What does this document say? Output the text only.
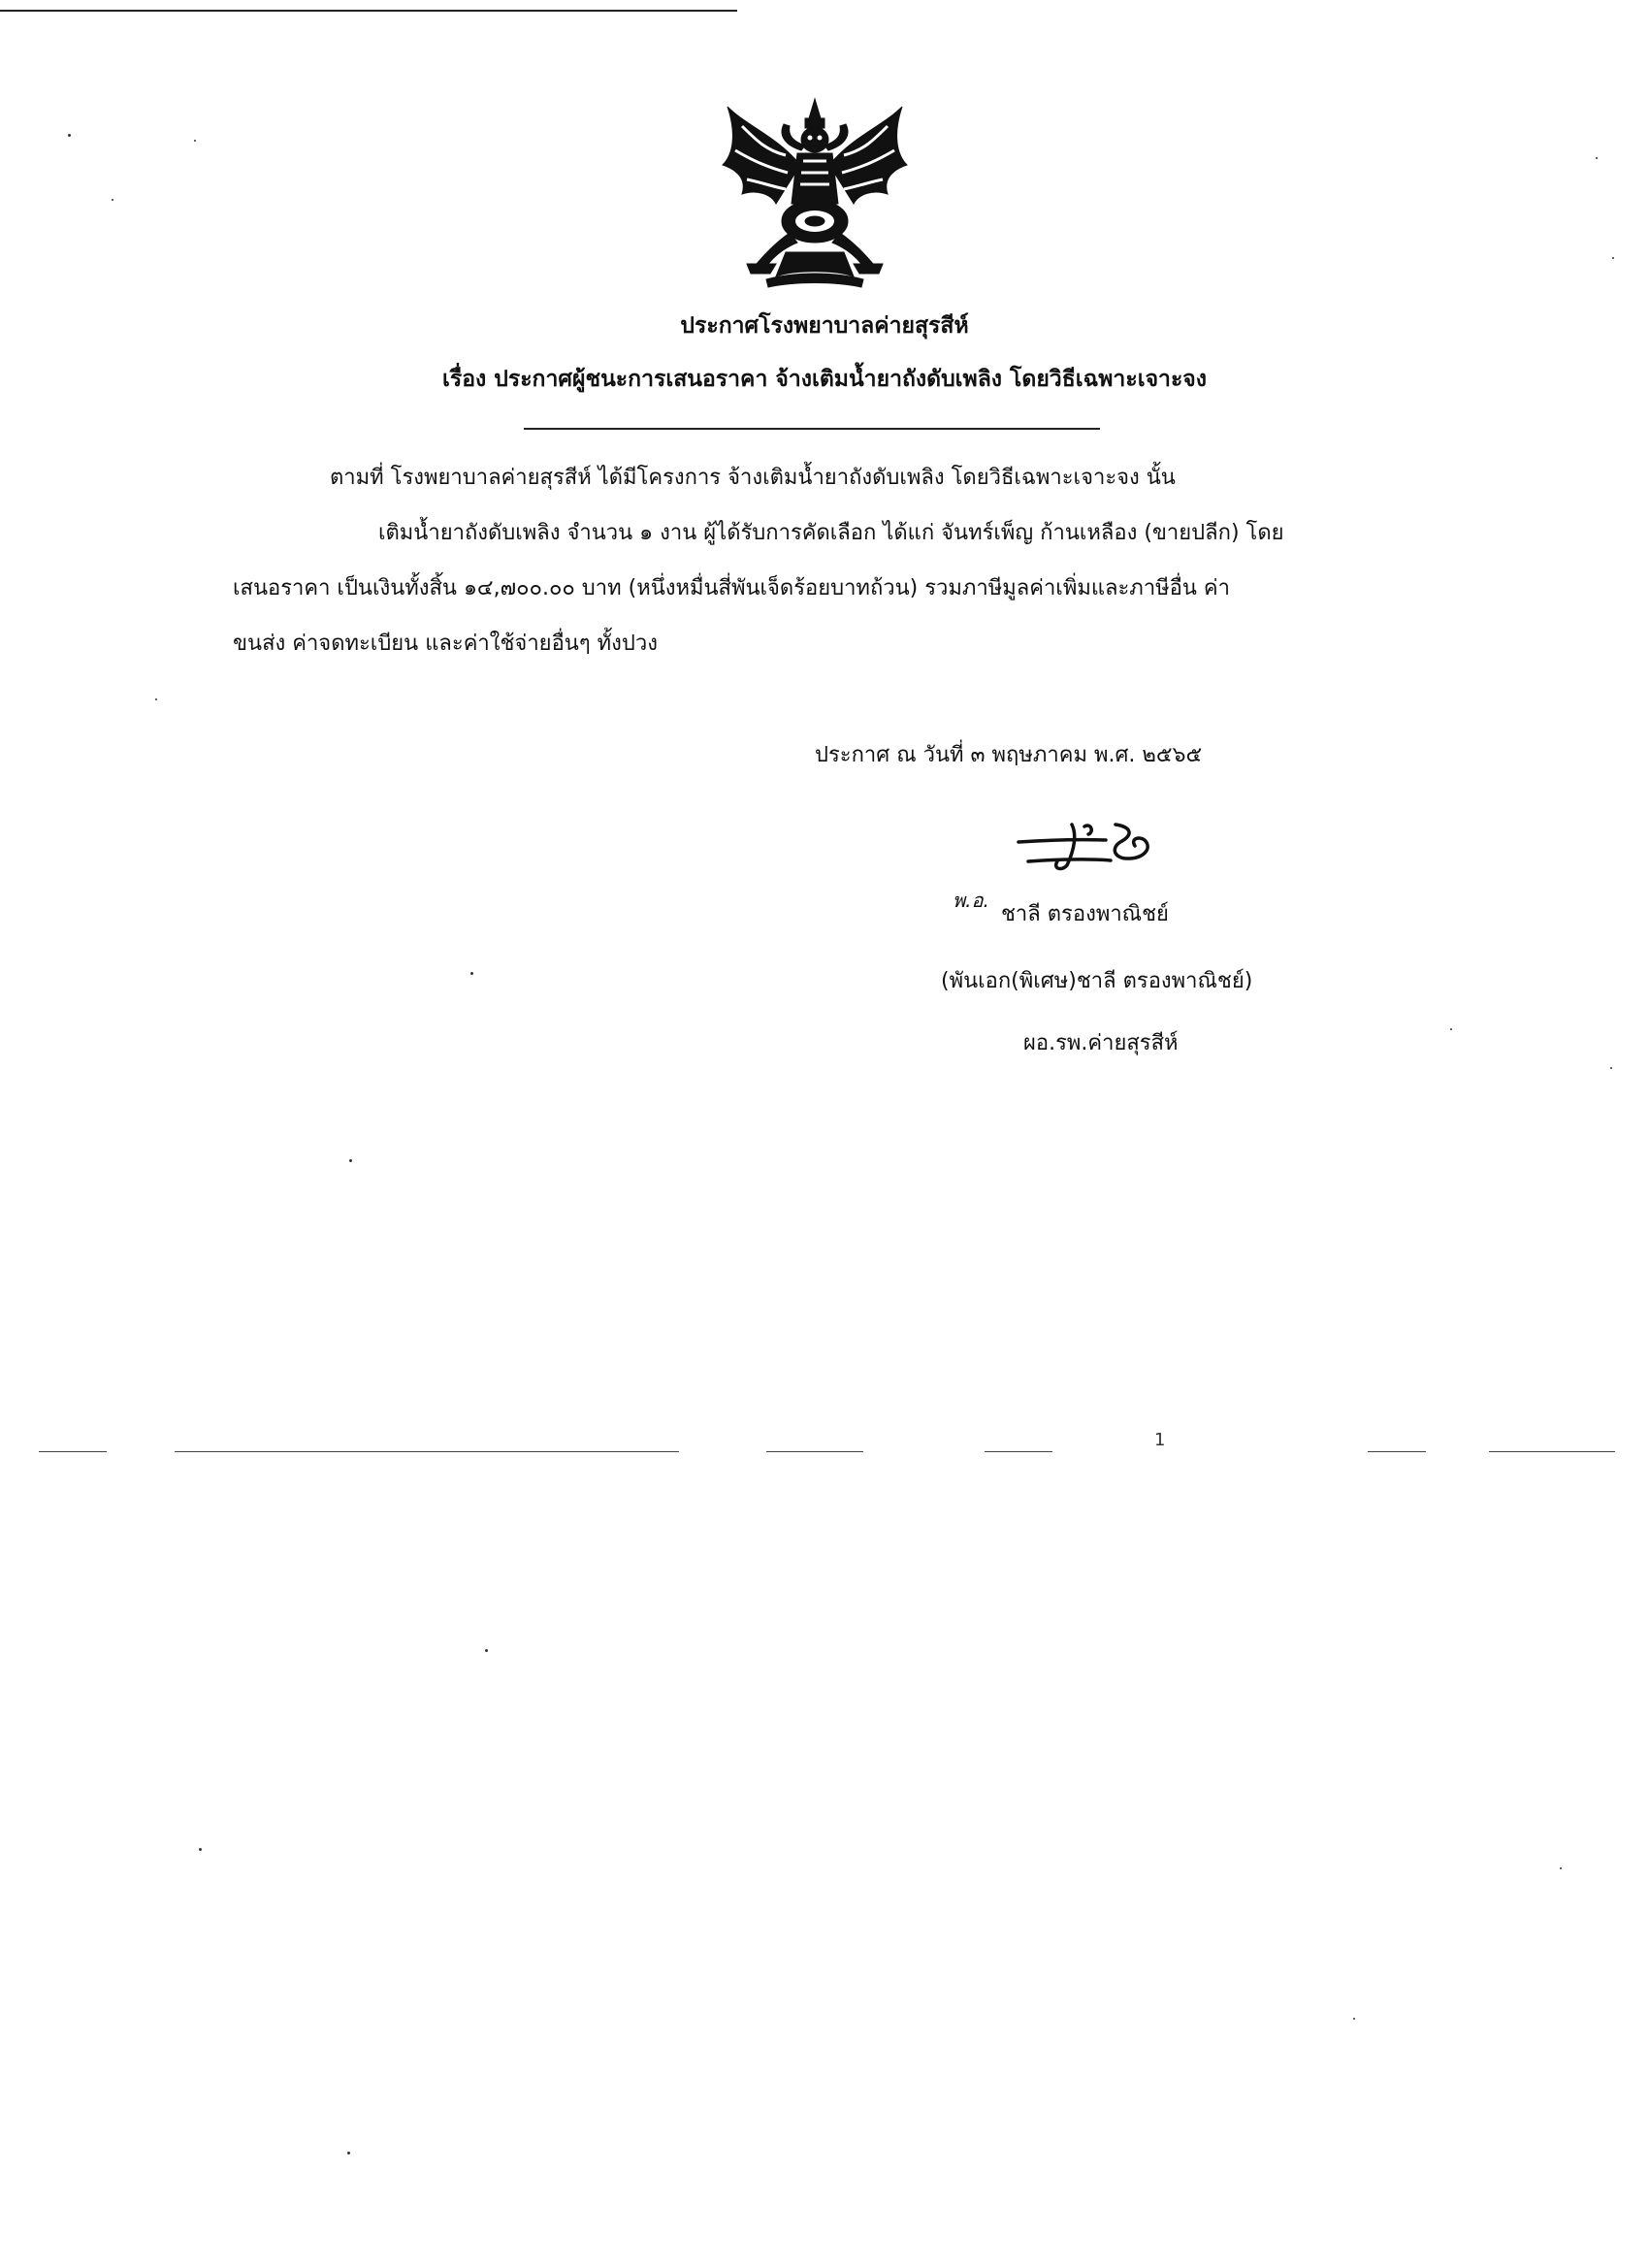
ประกาศโรงพยาบาลค่ายสุรสีห์
เรื่อง ประกาศผู้ชนะการเสนอราคา จ้างเติมน้ำยาถังดับเพลิง โดยวิธีเฉพาะเจาะจง
ตามที่ โรงพยาบาลค่ายสุรสีห์ ได้มีโครงการ จ้างเติมน้ำยาถังดับเพลิง โดยวิธีเฉพาะเจาะจง นั้น
เติมน้ำยาถังดับเพลิง จำนวน ๑ งาน ผู้ได้รับการคัดเลือก ได้แก่ จันทร์เพ็ญ ก้านเหลือง (ขายปลีก) โดย
เสนอราคา เป็นเงินทั้งสิ้น ๑๔,๗๐๐.๐๐ บาท (หนึ่งหมื่นสี่พันเจ็ดร้อยบาทถ้วน) รวมภาษีมูลค่าเพิ่มและภาษีอื่น ค่า
ขนส่ง ค่าจดทะเบียน และค่าใช้จ่ายอื่นๆ ทั้งปวง
ประกาศ ณ วันที่ ๓ พฤษภาคม พ.ศ. ๒๕๖๕
พ.อ.
ชาลี ตรองพาณิชย์
(พันเอก(พิเศษ)ชาลี ตรองพาณิชย์)
ผอ.รพ.ค่ายสุรสีห์
1
